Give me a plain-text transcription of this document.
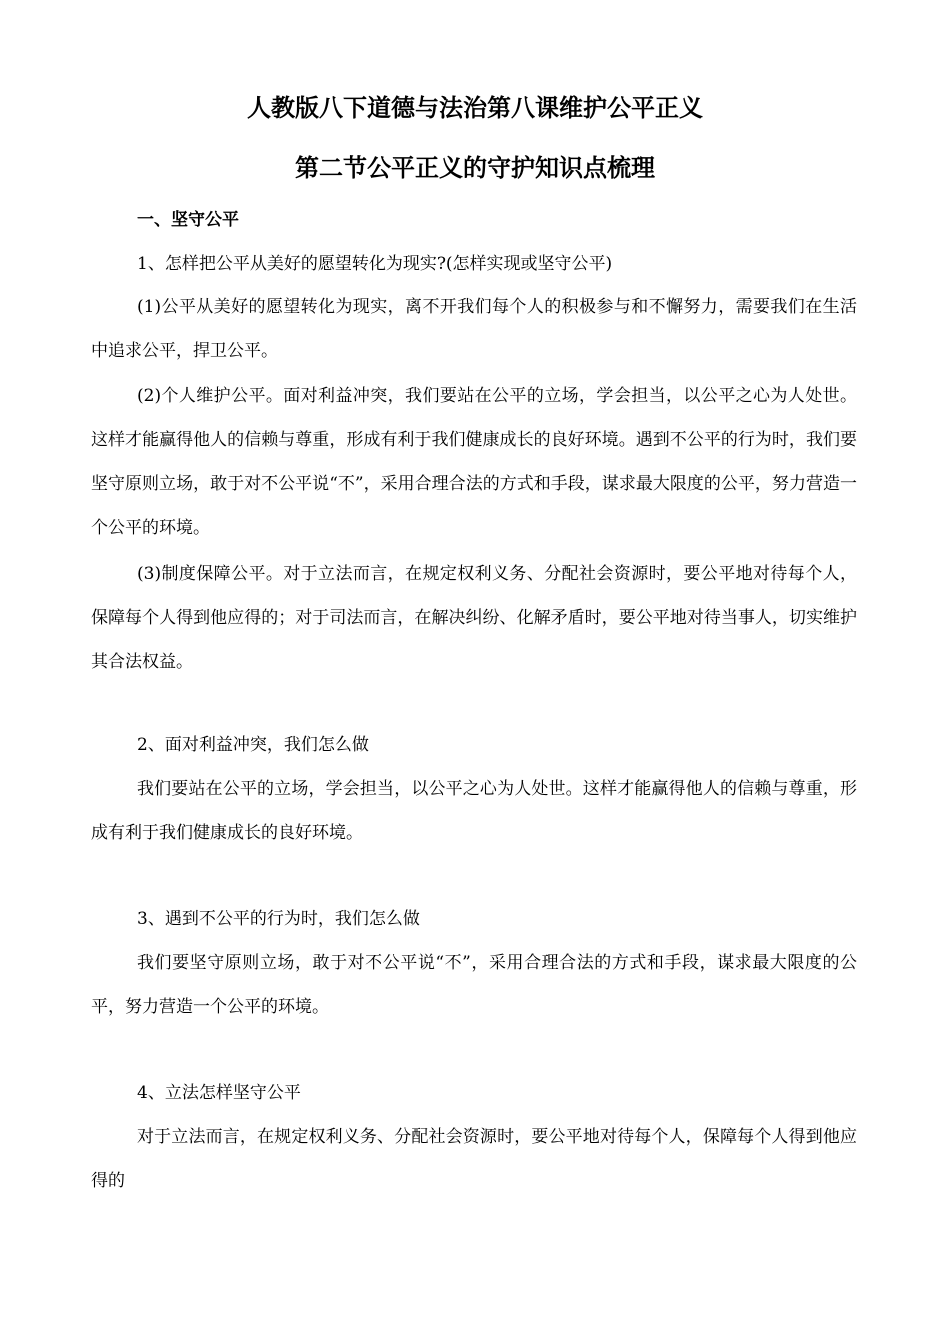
人教版八下道德与法治第八课维护公平正义
第二节公平正义的守护知识点梳理
一、坚守公平

1、怎样把公平从美好的愿望转化为现实?(怎样实现或坚守公平)

(1)公平从美好的愿望转化为现实，离不开我们每个人的积极参与和不懈努力，需要我们在生活中追求公平，捍卫公平。

(2)个人维护公平。面对利益冲突，我们要站在公平的立场，学会担当，以公平之心为人处世。这样才能赢得他人的信赖与尊重，形成有利于我们健康成长的良好环境。遇到不公平的行为时，我们要坚守原则立场，敢于对不公平说“不”，采用合理合法的方式和手段，谋求最大限度的公平，努力营造一个公平的环境。

(3)制度保障公平。对于立法而言，在规定权利义务、分配社会资源时，要公平地对待每个人，保障每个人得到他应得的；对于司法而言，在解决纠纷、化解矛盾时，要公平地对待当事人，切实维护其合法权益。

2、面对利益冲突，我们怎么做

我们要站在公平的立场，学会担当，以公平之心为人处世。这样才能赢得他人的信赖与尊重，形成有利于我们健康成长的良好环境。

3、遇到不公平的行为时，我们怎么做

我们要坚守原则立场，敢于对不公平说“不”，采用合理合法的方式和手段，谋求最大限度的公平，努力营造一个公平的环境。

4、立法怎样坚守公平

对于立法而言，在规定权利义务、分配社会资源时，要公平地对待每个人，保障每个人得到他应得的
